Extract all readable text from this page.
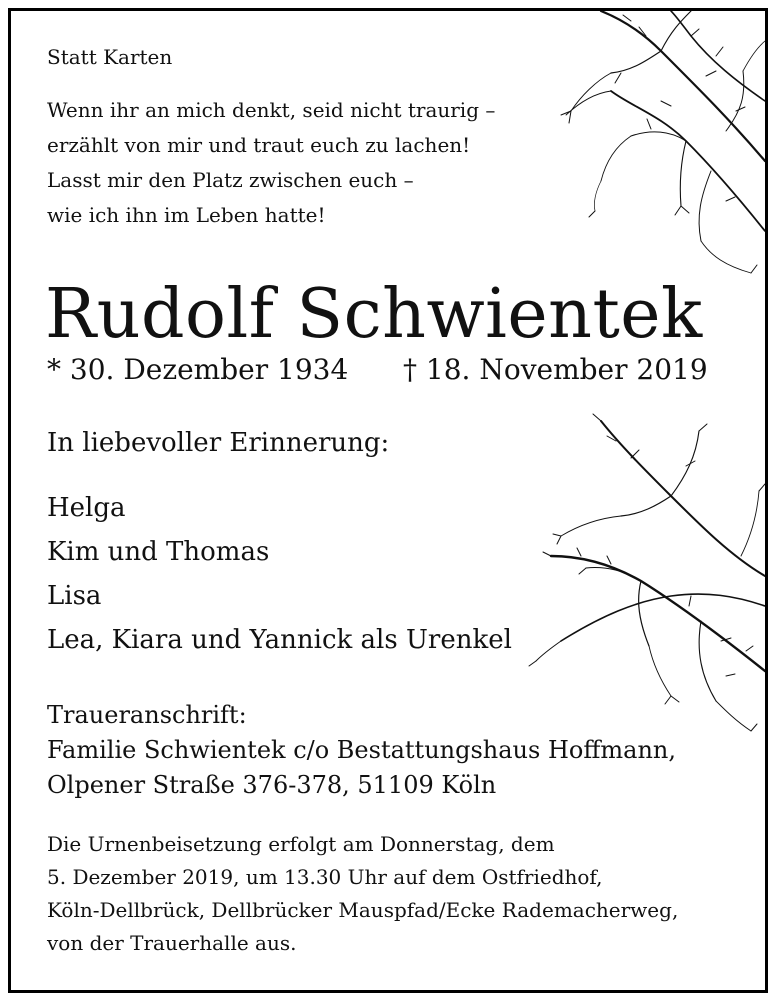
Statt Karten
Wenn ihr an mich denkt, seid nicht traurig –
erzählt von mir und traut euch zu lachen!
Lasst mir den Platz zwischen euch –
wie ich ihn im Leben hatte!
Rudolf Schwientek
* 30. Dezember 1934 † 18. November 2019
In liebevoller Erinnerung:
Helga
Kim und Thomas
Lisa
Lea, Kiara und Yannick als Urenkel
Traueranschrift:
Familie Schwientek c/o Bestattungshaus Hoffmann,
Olpener Straße 376-378, 51109 Köln
Die Urnenbeisetzung erfolgt am Donnerstag, dem
5. Dezember 2019, um 13.30 Uhr auf dem Ostfriedhof,
Köln-Dellbrück, Dellbrücker Mauspfad/Ecke Rademacherweg,
von der Trauerhalle aus.
